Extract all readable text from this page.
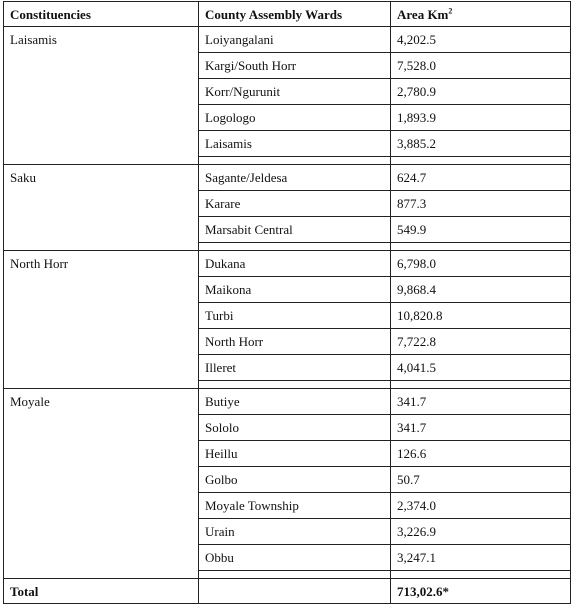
Constituencies	County Assembly Wards	Area Km$^2$
Laisamis	Loiyangalani	4,202.5
	Kargi/South Horr	7,528.0
	Korr/Ngurunit	2,780.9
	Logologo	1,893.9
	Laisamis	3,885.2

Saku	Sagante/Jeldesa	624.7
	Karare	877.3
	Marsabit Central	549.9

North Horr	Dukana	6,798.0
	Maikona	9,868.4
	Turbi	10,820.8
	North Horr	7,722.8
	Illeret	4,041.5

Moyale	Butiye	341.7
	Sololo	341.7
	Heillu	126.6
	Golbo	50.7
	Moyale Township	2,374.0
	Urain	3,226.9
	Obbu	3,247.1

Total		713,02.6*
